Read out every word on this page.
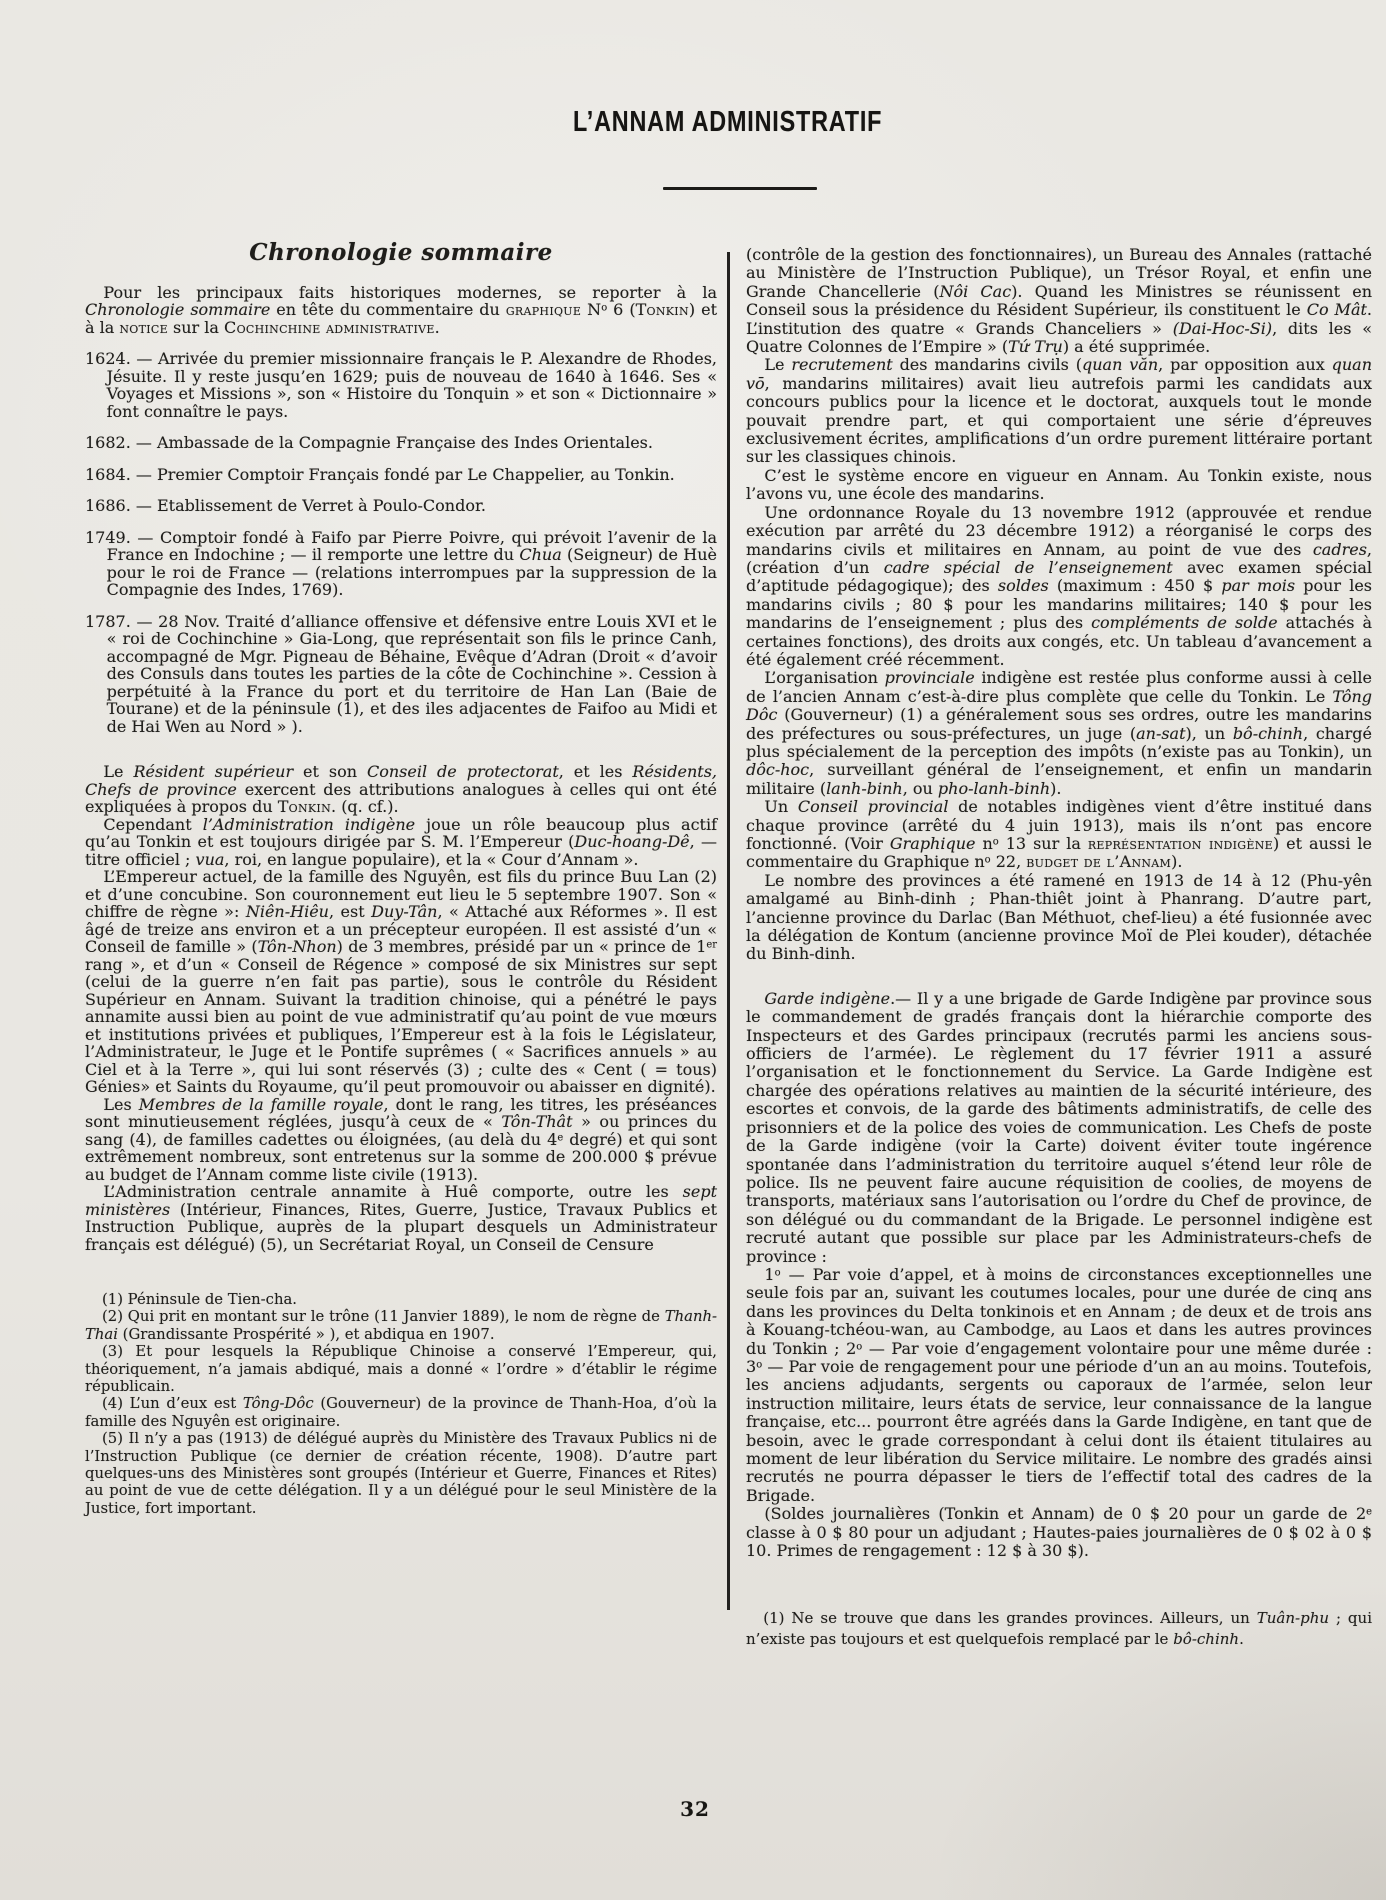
L’ANNAM ADMINISTRATIF
Chronologie sommaire

Pour les principaux faits historiques modernes, se reporter à la Chronologie sommaire en tête du commentaire du graphique $N^o$ 6 (Tonkin) et à la notice sur la Cochinchine administrative.

1624. — Arrivée du premier missionnaire français le P. Alexandre de Rhodes, Jésuite. Il y reste jusqu’en 1629; puis de nouveau de 1640 à 1646. Ses « Voyages et Missions », son « Histoire du Tonquin » et son « Dictionnaire » font connaître le pays.

1682. — Ambassade de la Compagnie Française des Indes Orientales.

1684. — Premier Comptoir Français fondé par Le Chappelier, au Tonkin.

1686. — Etablissement de Verret à Poulo-Condor.

1749. — Comptoir fondé à Faifo par Pierre Poivre, qui prévoit l’avenir de la France en Indochine ; — il remporte une lettre du Chua (Seigneur) de Huè pour le roi de France — (relations interrompues par la suppression de la Compagnie des Indes, 1769).

1787. — 28 Nov. Traité d’alliance offensive et défensive entre Louis XVI et le « roi de Cochinchine » Gia-Long, que représentait son fils le prince Canh, accompagné de Mgr. Pigneau de Béhaine, Evêque d’Adran (Droit « d’avoir des Consuls dans toutes les parties de la côte de Cochinchine ». Cession à perpétuité à la France du port et du territoire de Han Lan (Baie de Tourane) et de la péninsule (1), et des iles adjacentes de Faifoo au Midi et de Hai Wen au Nord » ).

Le Résident supérieur et son Conseil de protectorat, et les Résidents, Chefs de province exercent des attributions analogues à celles qui ont été expliquées à propos du Tonkin. (q. cf.).

Cependant l’Administration indigène joue un rôle beaucoup plus actif qu’au Tonkin et est toujours dirigée par S. M. l’Empereur (Duc-hoang-Dê, — titre officiel ; vua, roi, en langue populaire), et la « Cour d’Annam ».

L’Empereur actuel, de la famille des Nguyên, est fils du prince Buu Lan (2) et d’une concubine. Son couronnement eut lieu le 5 septembre 1907. Son « chiffre de règne »: Niên-Hiêu, est Duy-Tân, « Attaché aux Réformes ». Il est âgé de treize ans environ et a un précepteur européen. Il est assisté d’un « Conseil de famille » (Tôn-Nhon) de 3 membres, présidé par un « prince de 1er rang », et d’un « Conseil de Régence » composé de six Ministres sur sept (celui de la guerre n’en fait pas partie), sous le contrôle du Résident Supérieur en Annam. Suivant la tradition chinoise, qui a pénétré le pays annamite aussi bien au point de vue administratif qu’au point de vue mœurs et institutions privées et publiques, l’Empereur est à la fois le Législateur, l’Administrateur, le Juge et le Pontife suprêmes ( « Sacrifices annuels » au Ciel et à la Terre », qui lui sont réservés (3) ; culte des « Cent ( = tous) Génies» et Saints du Royaume, qu’il peut promouvoir ou abaisser en dignité).

Les Membres de la famille royale, dont le rang, les titres, les préséances sont minutieusement réglées, jusqu’à ceux de « Tôn-Thât » ou princes du sang (4), de familles cadettes ou éloignées, (au delà du 4e degré) et qui sont extrêmement nombreux, sont entretenus sur la somme de 200.000 $ prévue au budget de l’Annam comme liste civile (1913).

L’Administration centrale annamite à Huê comporte, outre les sept ministères (Intérieur, Finances, Rites, Guerre, Justice, Travaux Publics et Instruction Publique, auprès de la plupart desquels un Administrateur français est délégué) (5), un Secrétariat Royal, un Conseil de Censure

(1) Péninsule de Tien-cha.

(2) Qui prit en montant sur le trône (11 Janvier 1889), le nom de règne de Thanh-Thai (Grandissante Prospérité » ), et abdiqua en 1907.

(3) Et pour lesquels la République Chinoise a conservé l’Empereur, qui, théoriquement, n’a jamais abdiqué, mais a donné « l’ordre » d’établir le régime républicain.

(4) L’un d’eux est Tông-Dôc (Gouverneur) de la province de Thanh-Hoa, d’où la famille des Nguyên est originaire.

(5) Il n’y a pas (1913) de délégué auprès du Ministère des Travaux Publics ni de l’Instruction Publique (ce dernier de création récente, 1908). D’autre part quelques-uns des Ministères sont groupés (Intérieur et Guerre, Finances et Rites) au point de vue de cette délégation. Il y a un délégué pour le seul Ministère de la Justice, fort important.

(contrôle de la gestion des fonctionnaires), un Bureau des Annales (rattaché au Ministère de l’Instruction Publique), un Trésor Royal, et enfin une Grande Chancellerie (Nôi Cac). Quand les Ministres se réunissent en Conseil sous la présidence du Résident Supérieur, ils constituent le Co Mât. L’institution des quatre « Grands Chanceliers » (Dai-Hoc-Si), dits les « Quatre Colonnes de l’Empire » (Tứ Trụ) a été supprimée.

Le recrutement des mandarins civils (quan văn, par opposition aux quan vō, mandarins militaires) avait lieu autrefois parmi les candidats aux concours publics pour la licence et le doctorat, auxquels tout le monde pouvait prendre part, et qui comportaient une série d’épreuves exclusivement écrites, amplifications d’un ordre purement littéraire portant sur les classiques chinois.

C’est le système encore en vigueur en Annam. Au Tonkin existe, nous l’avons vu, une école des mandarins.

Une ordonnance Royale du 13 novembre 1912 (approuvée et rendue exécution par arrêté du 23 décembre 1912) a réorganisé le corps des mandarins civils et militaires en Annam, au point de vue des cadres, (création d’un cadre spécial de l’enseignement avec examen spécial d’aptitude pédagogique); des soldes (maximum : 450 $ par mois pour les mandarins civils ; 80 $ pour les mandarins militaires; 140 $ pour les mandarins de l’enseignement ; plus des compléments de solde attachés à certaines fonctions), des droits aux congés, etc. Un tableau d’avancement a été également créé récemment.

L’organisation provinciale indigène est restée plus conforme aussi à celle de l’ancien Annam c’est-à-dire plus complète que celle du Tonkin. Le Tông Dôc (Gouverneur) (1) a généralement sous ses ordres, outre les mandarins des préfectures ou sous-préfectures, un juge (an-sat), un bô-chinh, chargé plus spécialement de la perception des impôts (n’existe pas au Tonkin), un dôc-hoc, surveillant général de l’enseignement, et enfin un mandarin militaire (lanh-binh, ou pho-lanh-binh).

Un Conseil provincial de notables indigènes vient d’être institué dans chaque province (arrêté du 4 juin 1913), mais ils n’ont pas encore fonctionné. (Voir Graphique $n^o$ 13 sur la représentation indigène) et aussi le commentaire du Graphique $n^o$ 22, budget de l’Annam).

Le nombre des provinces a été ramené en 1913 de 14 à 12 (Phu-yên amalgamé au Binh-dinh ; Phan-thiêt joint à Phanrang. D’autre part, l’ancienne province du Darlac (Ban Méthuot, chef-lieu) a été fusionnée avec la délégation de Kontum (ancienne province Moï de Plei kouder), détachée du Binh-dinh.

Garde indigène.— Il y a une brigade de Garde Indigène par province sous le commandement de gradés français dont la hiérarchie comporte des Inspecteurs et des Gardes principaux (recrutés parmi les anciens sous-officiers de l’armée). Le règlement du 17 février 1911 a assuré l’organisation et le fonctionnement du Service. La Garde Indigène est chargée des opérations relatives au maintien de la sécurité intérieure, des escortes et convois, de la garde des bâtiments administratifs, de celle des prisonniers et de la police des voies de communication. Les Chefs de poste de la Garde indigène (voir la Carte) doivent éviter toute ingérence spontanée dans l’administration du territoire auquel s’étend leur rôle de police. Ils ne peuvent faire aucune réquisition de coolies, de moyens de transports, matériaux sans l’autorisation ou l’ordre du Chef de province, de son délégué ou du commandant de la Brigade. Le personnel indigène est recruté autant que possible sur place par les Administrateurs-chefs de province :

1$^o$ — Par voie d’appel, et à moins de circonstances exceptionnelles une seule fois par an, suivant les coutumes locales, pour une durée de cinq ans dans les provinces du Delta tonkinois et en Annam ; de deux et de trois ans à Kouang-tchéou-wan, au Cambodge, au Laos et dans les autres provinces du Tonkin ; 2$^o$ — Par voie d’engagement volontaire pour une même durée : 3$^o$ — Par voie de rengagement pour une période d’un an au moins. Toutefois, les anciens adjudants, sergents ou caporaux de l’armée, selon leur instruction militaire, leurs états de service, leur connaissance de la langue française, etc... pourront être agréés dans la Garde Indigène, en tant que de besoin, avec le grade correspondant à celui dont ils étaient titulaires au moment de leur libération du Service militaire. Le nombre des gradés ainsi recrutés ne pourra dépasser le tiers de l’effectif total des cadres de la Brigade.

(Soldes journalières (Tonkin et Annam) de 0 $ 20 pour un garde de 2e classe à 0 $ 80 pour un adjudant ; Hautes-paies journalières de 0 $ 02 à 0 $ 10. Primes de rengagement : 12 $ à 30 $).

(1) Ne se trouve que dans les grandes provinces. Ailleurs, un Tuân-phu ; qui n’existe pas toujours et est quelquefois remplacé par le bô-chinh.

32
